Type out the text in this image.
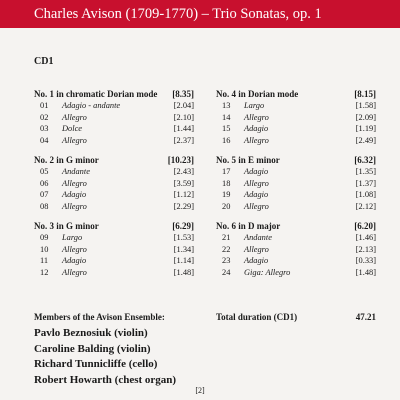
Charles Avison (1709-1770) – Trio Sonatas, op. 1
CD1
No. 1 in chromatic Dorian mode [8.35]
01	Adagio - andante	[2.04]
02	Allegro	[2.10]
03	Dolce	[1.44]
04	Allegro	[2.37]
No. 2 in G minor	[10.23]
05	Andante	[2.43]
06	Allegro	[3.59]
07	Adagio	[1.12]
08	Allegro	[2.29]
No. 3 in G minor	[6.29]
09	Largo	[1.53]
10	Allegro	[1.34]
11	Adagio	[1.14]
12	Allegro	[1.48]
No. 4 in Dorian mode	[8.15]
13	Largo	[1.58]
14	Allegro	[2.09]
15	Adagio	[1.19]
16	Allegro	[2.49]
No. 5 in E minor	[6.32]
17	Adagio	[1.35]
18	Allegro	[1.37]
19	Adagio	[1.08]
20	Allegro	[2.12]
No. 6 in D major	[6.20]
21	Andante	[1.46]
22	Allegro	[2.13]
23	Adagio	[0.33]
24	Giga: Allegro	[1.48]
Members of the Avison Ensemble:
Pavlo Beznosiuk (violin)
Caroline Balding (violin)
Richard Tunnicliffe (cello)
Robert Howarth (chest organ)
Total duration (CD1)	47.21
[2]
